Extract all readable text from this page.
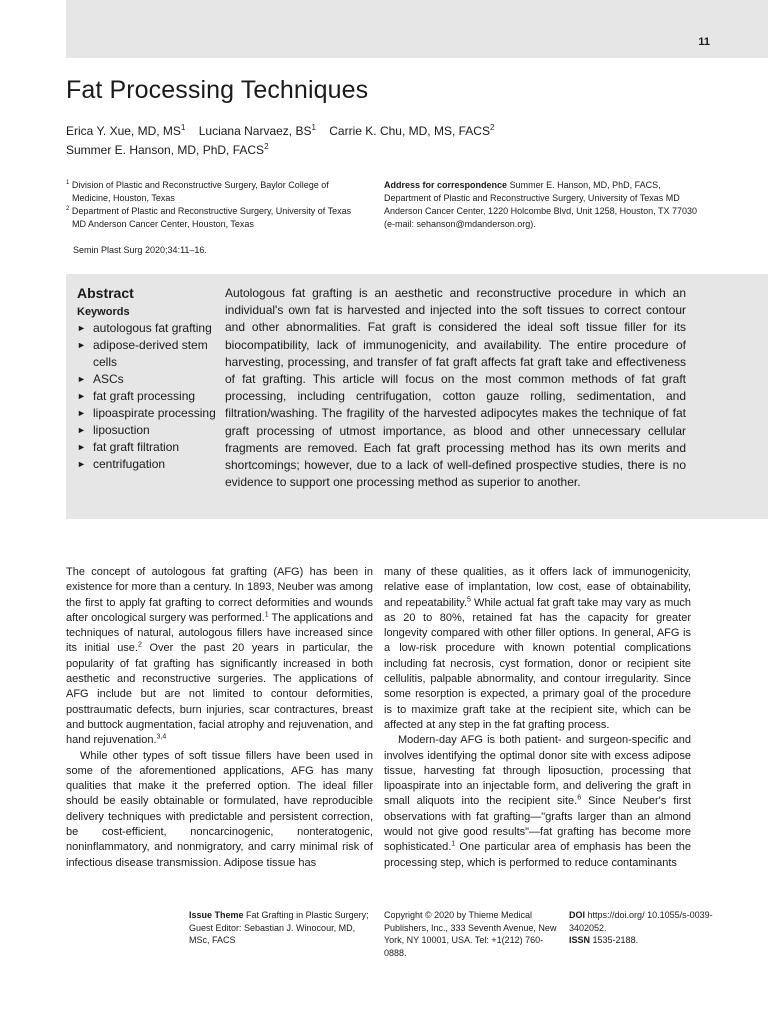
11
Fat Processing Techniques
Erica Y. Xue, MD, $MS^1$ Luciana Narvaez, $BS^1$ Carrie K. Chu, MD, MS, FACS$^2$
Summer E. Hanson, MD, PhD, FACS$^2$

$^1$ Division of Plastic and Reconstructive Surgery, Baylor College of Medicine, Houston, Texas

$^2$ Department of Plastic and Reconstructive Surgery, University of Texas MD Anderson Cancer Center, Houston, Texas

Address for correspondence Summer E. Hanson, MD, PhD, FACS, Department of Plastic and Reconstructive Surgery, University of Texas MD Anderson Cancer Center, 1220 Holcombe Blvd, Unit 1258, Houston, TX 77030 (e-mail: sehanson@mdanderson.org).
Semin Plast Surg 2020;34:11–16.
Abstract
Keywords
► autologous fat grafting
► adipose-derived stem cells
► ASCs
► fat graft processing
► lipoaspirate processing
► liposuction
► fat graft filtration
► centrifugation
Autologous fat grafting is an aesthetic and reconstructive procedure in which an individual's own fat is harvested and injected into the soft tissues to correct contour and other abnormalities. Fat graft is considered the ideal soft tissue filler for its biocompatibility, lack of immunogenicity, and availability. The entire procedure of harvesting, processing, and transfer of fat graft affects fat graft take and effectiveness of fat grafting. This article will focus on the most common methods of fat graft processing, including centrifugation, cotton gauze rolling, sedimentation, and filtration/washing. The fragility of the harvested adipocytes makes the technique of fat graft processing of utmost importance, as blood and other unnecessary cellular fragments are removed. Each fat graft processing method has its own merits and shortcomings; however, due to a lack of well-defined prospective studies, there is no evidence to support one processing method as superior to another.

The concept of autologous fat grafting (AFG) has been in existence for more than a century. In 1893, Neuber was among the first to apply fat grafting to correct deformities and wounds after oncological surgery was performed.$^1$ The applications and techniques of natural, autologous fillers have increased since its initial use.$^2$ Over the past 20 years in particular, the popularity of fat grafting has significantly increased in both aesthetic and reconstructive surgeries. The applications of AFG include but are not limited to contour deformities, posttraumatic defects, burn injuries, scar contractures, breast and buttock augmentation, facial atrophy and rejuvenation, and hand rejuvenation.$^{3,4}$

While other types of soft tissue fillers have been used in some of the aforementioned applications, AFG has many qualities that make it the preferred option. The ideal filler should be easily obtainable or formulated, have reproducible delivery techniques with predictable and persistent correction, be cost-efficient, noncarcinogenic, nonteratogenic, noninflammatory, and nonmigratory, and carry minimal risk of infectious disease transmission. Adipose tissue has

many of these qualities, as it offers lack of immunogenicity, relative ease of implantation, low cost, ease of obtainability, and repeatability.$^5$ While actual fat graft take may vary as much as 20 to 80%, retained fat has the capacity for greater longevity compared with other filler options. In general, AFG is a low-risk procedure with known potential complications including fat necrosis, cyst formation, donor or recipient site cellulitis, palpable abnormality, and contour irregularity. Since some resorption is expected, a primary goal of the procedure is to maximize graft take at the recipient site, which can be affected at any step in the fat grafting process.

Modern-day AFG is both patient- and surgeon-specific and involves identifying the optimal donor site with excess adipose tissue, harvesting fat through liposuction, processing that lipoaspirate into an injectable form, and delivering the graft in small aliquots into the recipient site.$^6$ Since Neuber's first observations with fat grafting—"grafts larger than an almond would not give good results"—fat grafting has become more sophisticated.$^1$ One particular area of emphasis has been the processing step, which is performed to reduce contaminants

Issue Theme Fat Grafting in Plastic Surgery; Guest Editor: Sebastian J. Winocour, MD, MSc, FACS
Copyright © 2020 by Thieme Medical Publishers, Inc., 333 Seventh Avenue, New York, NY 10001, USA. Tel: +1(212) 760-0888.
DOI https://doi.org/ 10.1055/s-0039-3402052.
ISSN 1535-2188.
